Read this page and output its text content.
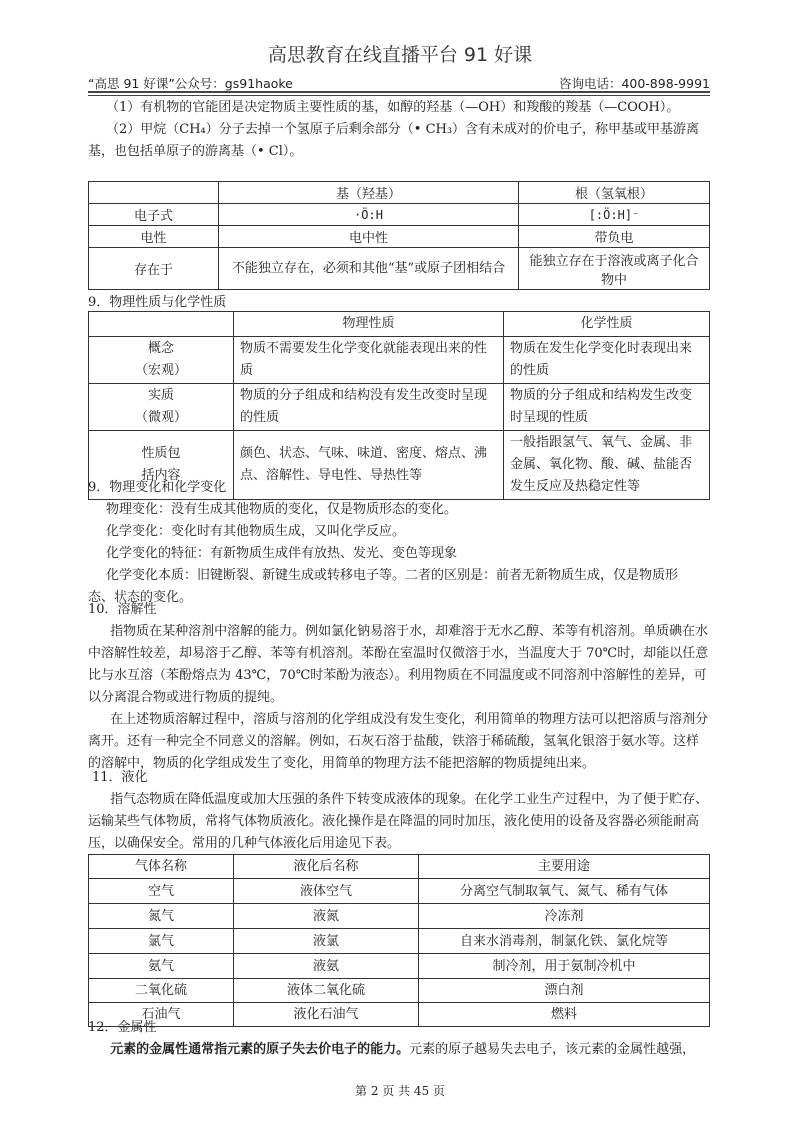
高思教育在线直播平台 91 好课
“高思 91 好课”公众号：gs91haoke	咨询电话：400-898-9991

（1）有机物的官能团是决定物质主要性质的基，如醇的羟基（—OH）和羧酸的羧基（—COOH）。

（2）甲烷（CH₄）分子去掉一个氢原子后剩余部分（• CH₃）含有未成对的价电子，称甲基或甲基游离

基，也包括单原子的游离基（• Cl）。

	基（羟基）	根（氢氧根）
电子式	·Ö:H	[:Ö:H]⁻
电性	电中性	带负电
存在于	不能独立存在，必须和其他“基”或原子团相结合	能独立存在于溶液或离子化合物中
9．物理性质与化学性质
	物理性质	化学性质
概念
（宏观）	物质不需要发生化学变化就能表现出来的性质	物质在发生化学变化时表现出来的性质
实质
（微观）	物质的分子组成和结构没有发生改变时呈现的性质	物质的分子组成和结构发生改变时呈现的性质
性质包
括内容	颜色、状态、气味、味道、密度、熔点、沸点、溶解性、导电性、导热性等	一般指跟氢气、氧气、金属、非金属、氧化物、酸、碱、盐能否发生反应及热稳定性等

9．物理变化和化学变化

物理变化：没有生成其他物质的变化，仅是物质形态的变化。

化学变化：变化时有其他物质生成，又叫化学反应。

化学变化的特征：有新物质生成伴有放热、发光、变色等现象

化学变化本质：旧键断裂、新键生成或转移电子等。二者的区别是：前者无新物质生成，仅是物质形

态、状态的变化。

10．溶解性

指物质在某种溶剂中溶解的能力。例如氯化钠易溶于水，却难溶于无水乙醇、苯等有机溶剂。单质碘在水中溶解性较差，却易溶于乙醇、苯等有机溶剂。苯酚在室温时仅微溶于水，当温度大于 70℃时，却能以任意比与水互溶（苯酚熔点为 43℃，70℃时苯酚为液态）。利用物质在不同温度或不同溶剂中溶解性的差异，可以分离混合物或进行物质的提纯。

在上述物质溶解过程中，溶质与溶剂的化学组成没有发生变化，利用简单的物理方法可以把溶质与溶剂分离开。还有一种完全不同意义的溶解。例如，石灰石溶于盐酸，铁溶于稀硫酸，氢氧化银溶于氨水等。这样的溶解中，物质的化学组成发生了变化，用简单的物理方法不能把溶解的物质提纯出来。

11．液化

指气态物质在降低温度或加大压强的条件下转变成液体的现象。在化学工业生产过程中，为了便于贮存、运输某些气体物质，常将气体物质液化。液化操作是在降温的同时加压，液化使用的设备及容器必须能耐高压，以确保安全。常用的几种气体液化后用途见下表。

气体名称	液化后名称	主要用途
空气	液体空气	分离空气制取氧气、氮气、稀有气体
氮气	液氮	冷冻剂
氯气	液氯	自来水消毒剂，制氯化铁、氯化烷等
氨气	液氨	制冷剂，用于氨制冷机中
二氧化硫	液体二氧化硫	漂白剂
石油气	液化石油气	燃料

12．金属性

元素的金属性通常指元素的原子失去价电子的能力。元素的原子越易失去电子，该元素的金属性越强，

第 2 页 共 45 页
